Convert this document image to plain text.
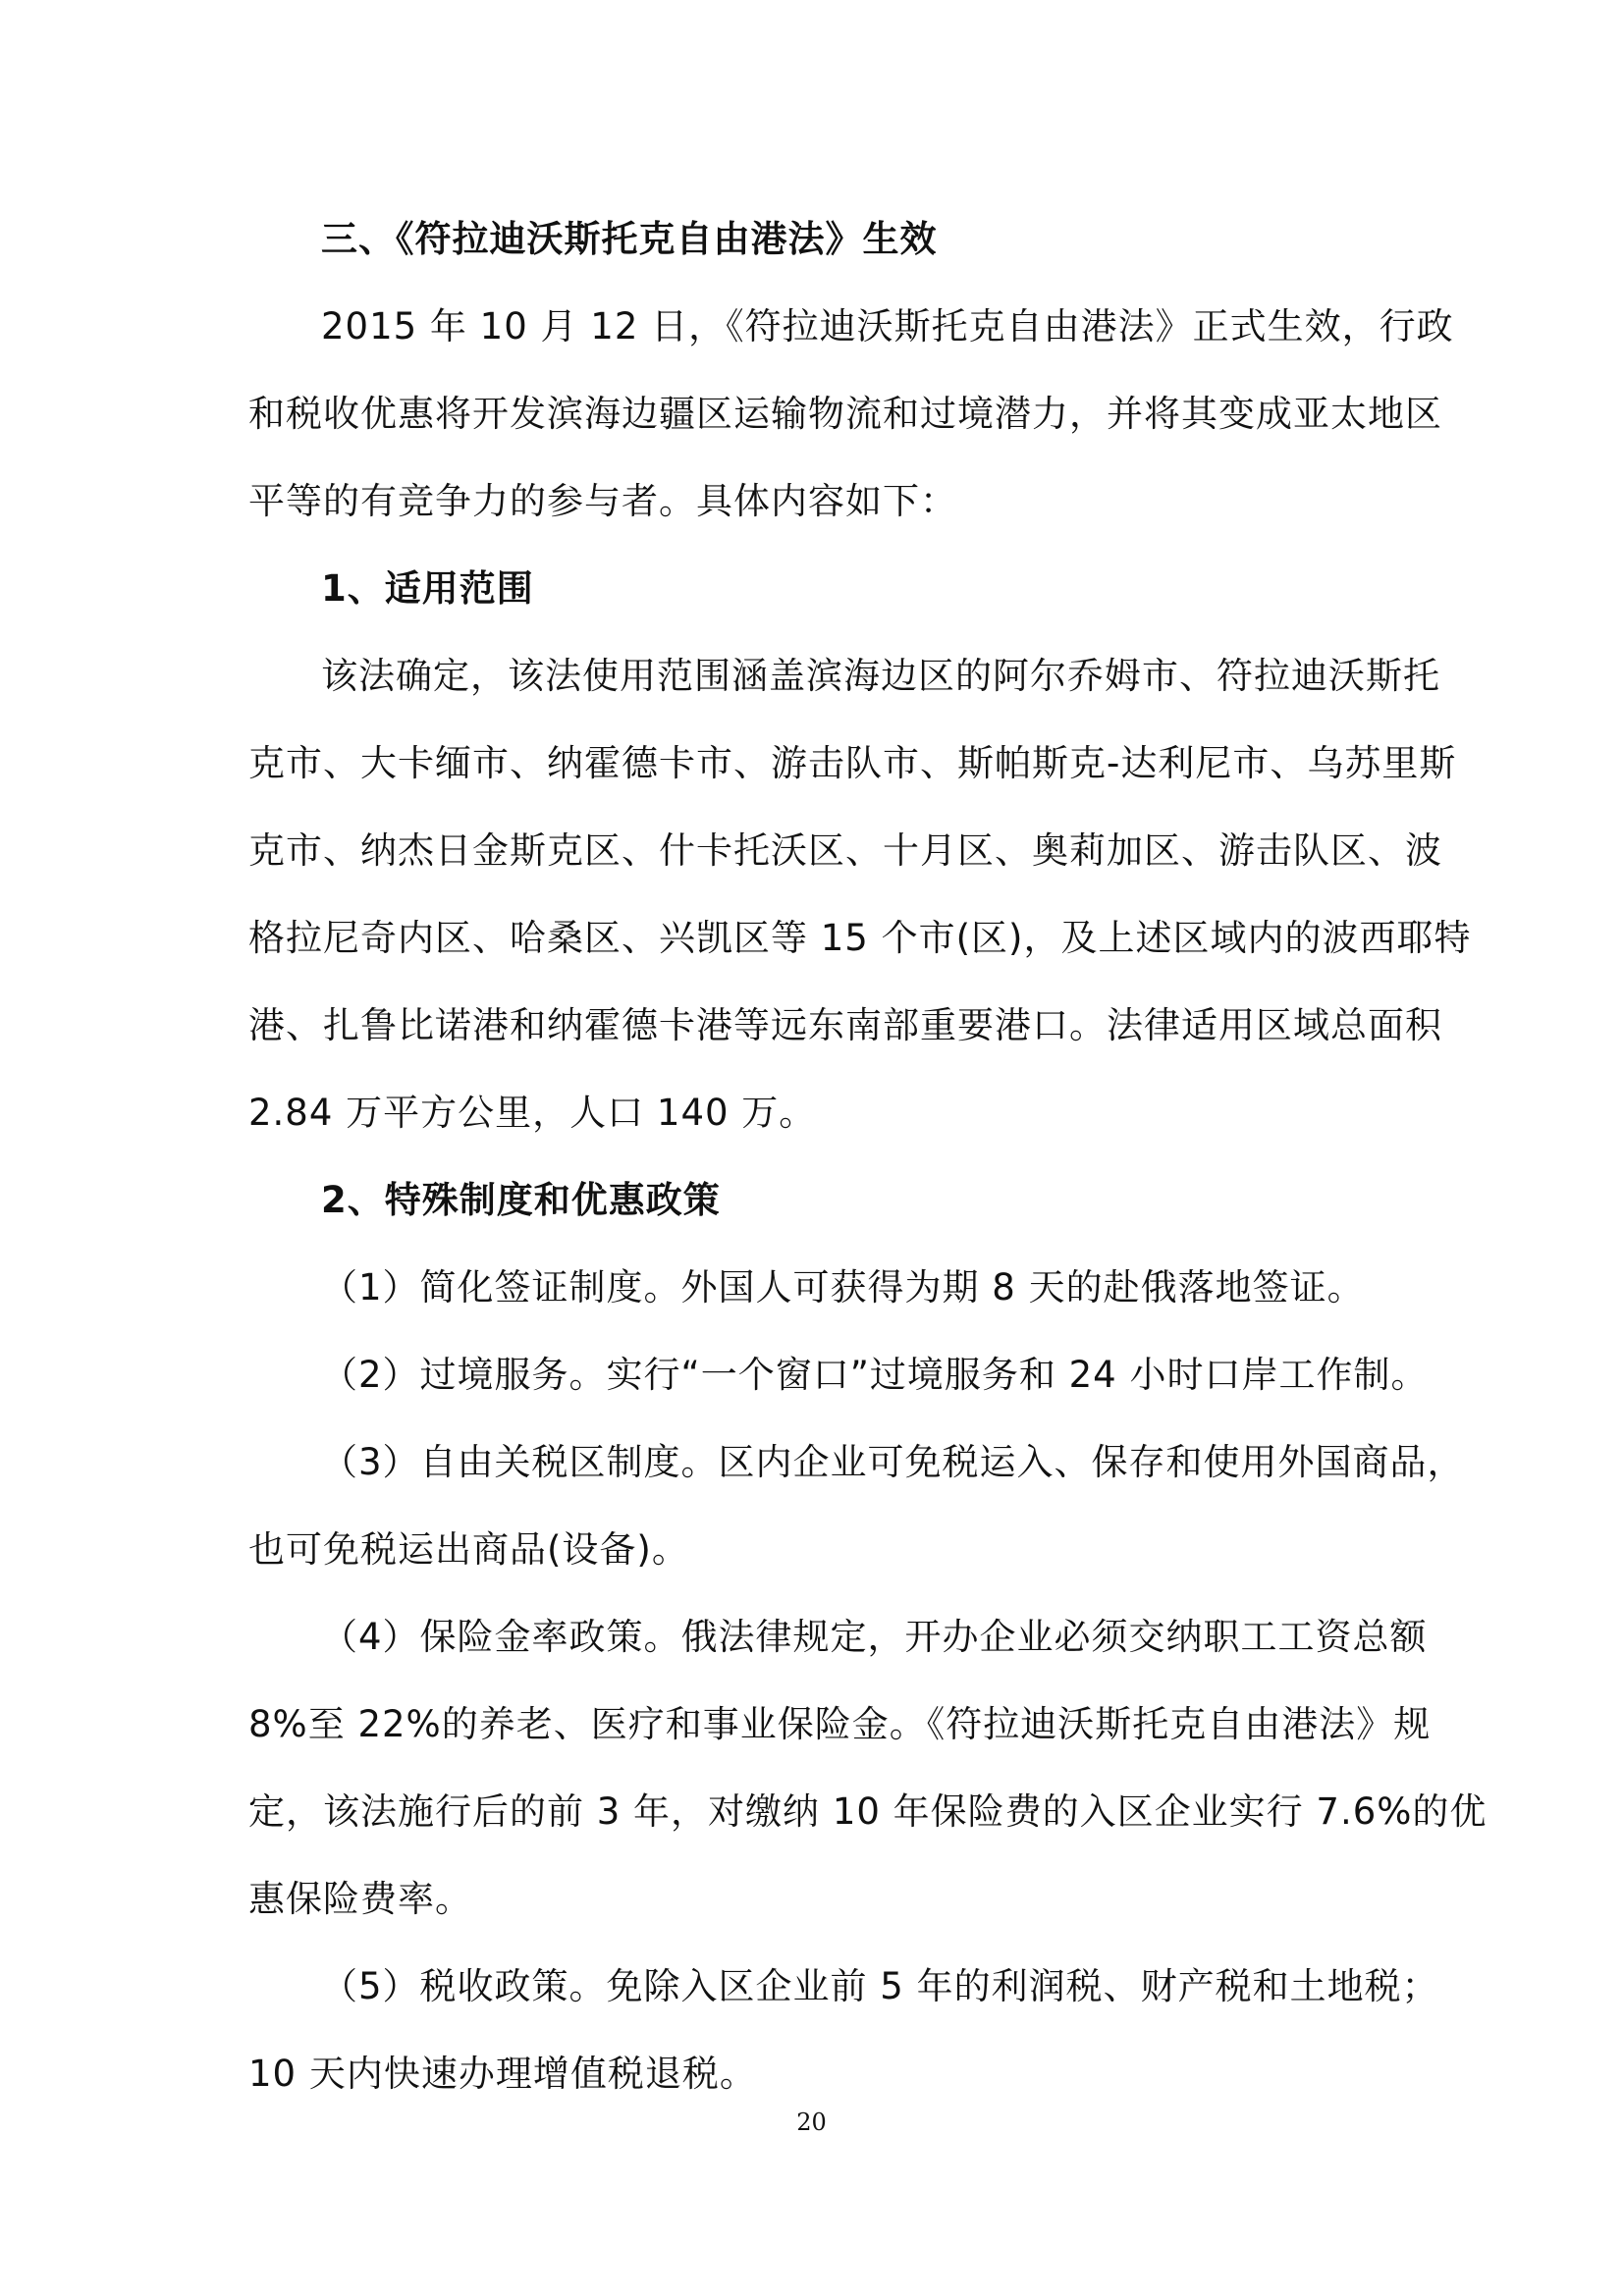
三、《符拉迪沃斯托克自由港法》生效
2015 年 10 月 12 日，《符拉迪沃斯托克自由港法》正式生效，行政
和税收优惠将开发滨海边疆区运输物流和过境潜力，并将其变成亚太地区
平等的有竞争力的参与者。具体内容如下：
1、适用范围
该法确定，该法使用范围涵盖滨海边区的阿尔乔姆市、符拉迪沃斯托
克市、大卡缅市、纳霍德卡市、游击队市、斯帕斯克-达利尼市、乌苏里斯
克市、纳杰日金斯克区、什卡托沃区、十月区、奥莉加区、游击队区、波
格拉尼奇内区、哈桑区、兴凯区等 15 个市(区)，及上述区域内的波西耶特
港、扎鲁比诺港和纳霍德卡港等远东南部重要港口。法律适用区域总面积
2.84 万平方公里，人口 140 万。
2、特殊制度和优惠政策
（1）简化签证制度。外国人可获得为期 8 天的赴俄落地签证。
（2）过境服务。实行“一个窗口”过境服务和 24 小时口岸工作制。
（3）自由关税区制度。区内企业可免税运入、保存和使用外国商品，
也可免税运出商品(设备)。
（4）保险金率政策。俄法律规定，开办企业必须交纳职工工资总额
8%至 22%的养老、医疗和事业保险金。《符拉迪沃斯托克自由港法》规
定，该法施行后的前 3 年，对缴纳 10 年保险费的入区企业实行 7.6%的优
惠保险费率。
（5）税收政策。免除入区企业前 5 年的利润税、财产税和土地税；
10 天内快速办理增值税退税。
20
